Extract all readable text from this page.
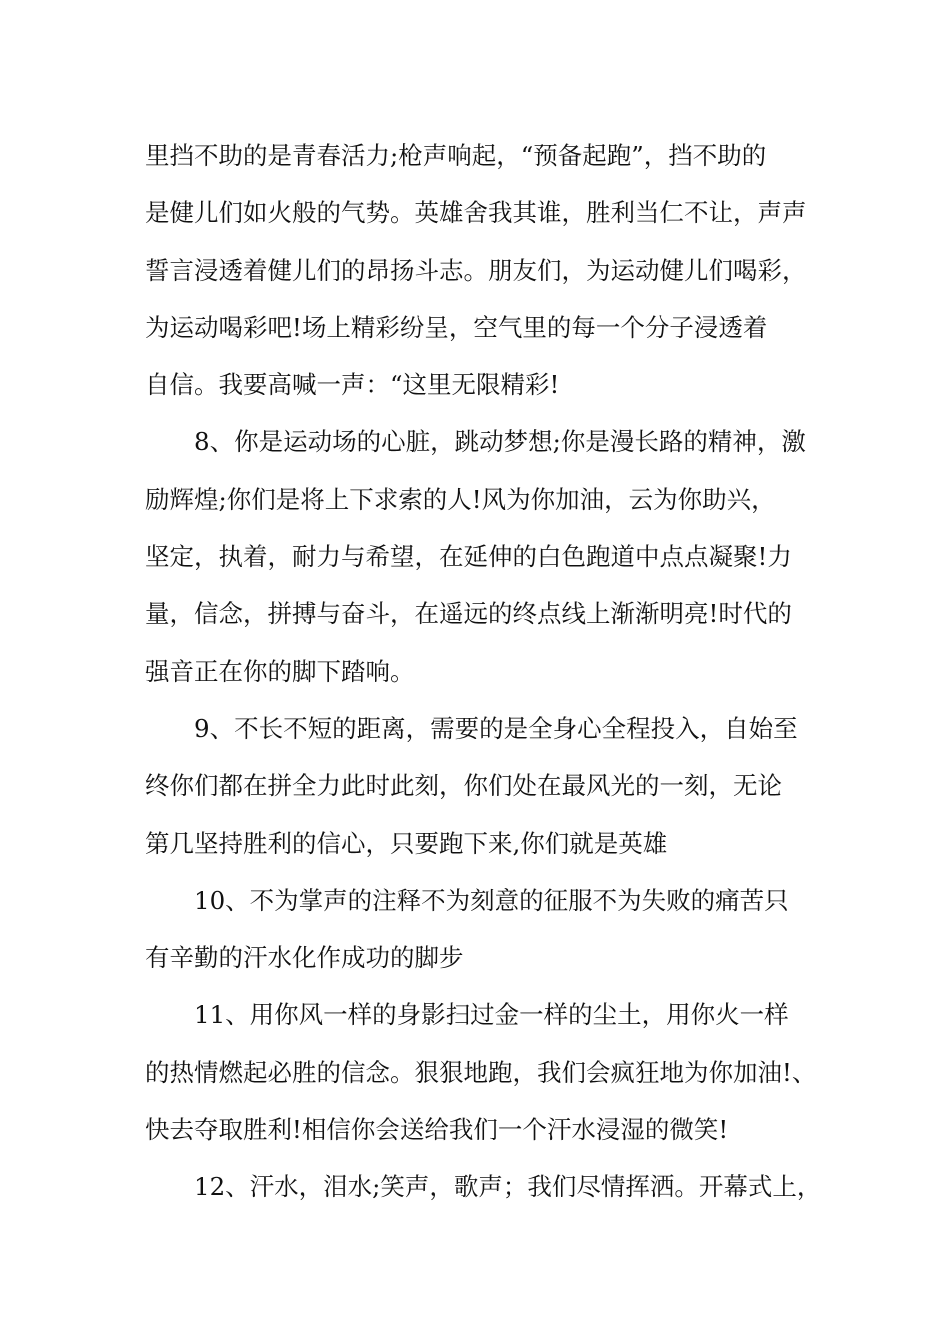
里挡不助的是青春活力;枪声响起，“预备起跑”，挡不助的
是健儿们如火般的气势。英雄舍我其谁，胜利当仁不让，声声
誓言浸透着健儿们的昂扬斗志。朋友们，为运动健儿们喝彩，
为运动喝彩吧!场上精彩纷呈，空气里的每一个分子浸透着
自信。我要高喊一声：“这里无限精彩!
8、你是运动场的心脏，跳动梦想;你是漫长路的精神，激
励辉煌;你们是将上下求索的人!风为你加油，云为你助兴，
坚定，执着，耐力与希望，在延伸的白色跑道中点点凝聚!力
量，信念，拼搏与奋斗，在遥远的终点线上渐渐明亮!时代的
强音正在你的脚下踏响。
9、不长不短的距离，需要的是全身心全程投入，自始至
终你们都在拼全力此时此刻，你们处在最风光的一刻，无论
第几坚持胜利的信心，只要跑下来,你们就是英雄
10、不为掌声的注释不为刻意的征服不为失败的痛苦只
有辛勤的汗水化作成功的脚步
11、用你风一样的身影扫过金一样的尘土，用你火一样
的热情燃起必胜的信念。狠狠地跑，我们会疯狂地为你加油!、
快去夺取胜利!相信你会送给我们一个汗水浸湿的微笑!
12、汗水，泪水;笑声，歌声；我们尽情挥洒。开幕式上，
